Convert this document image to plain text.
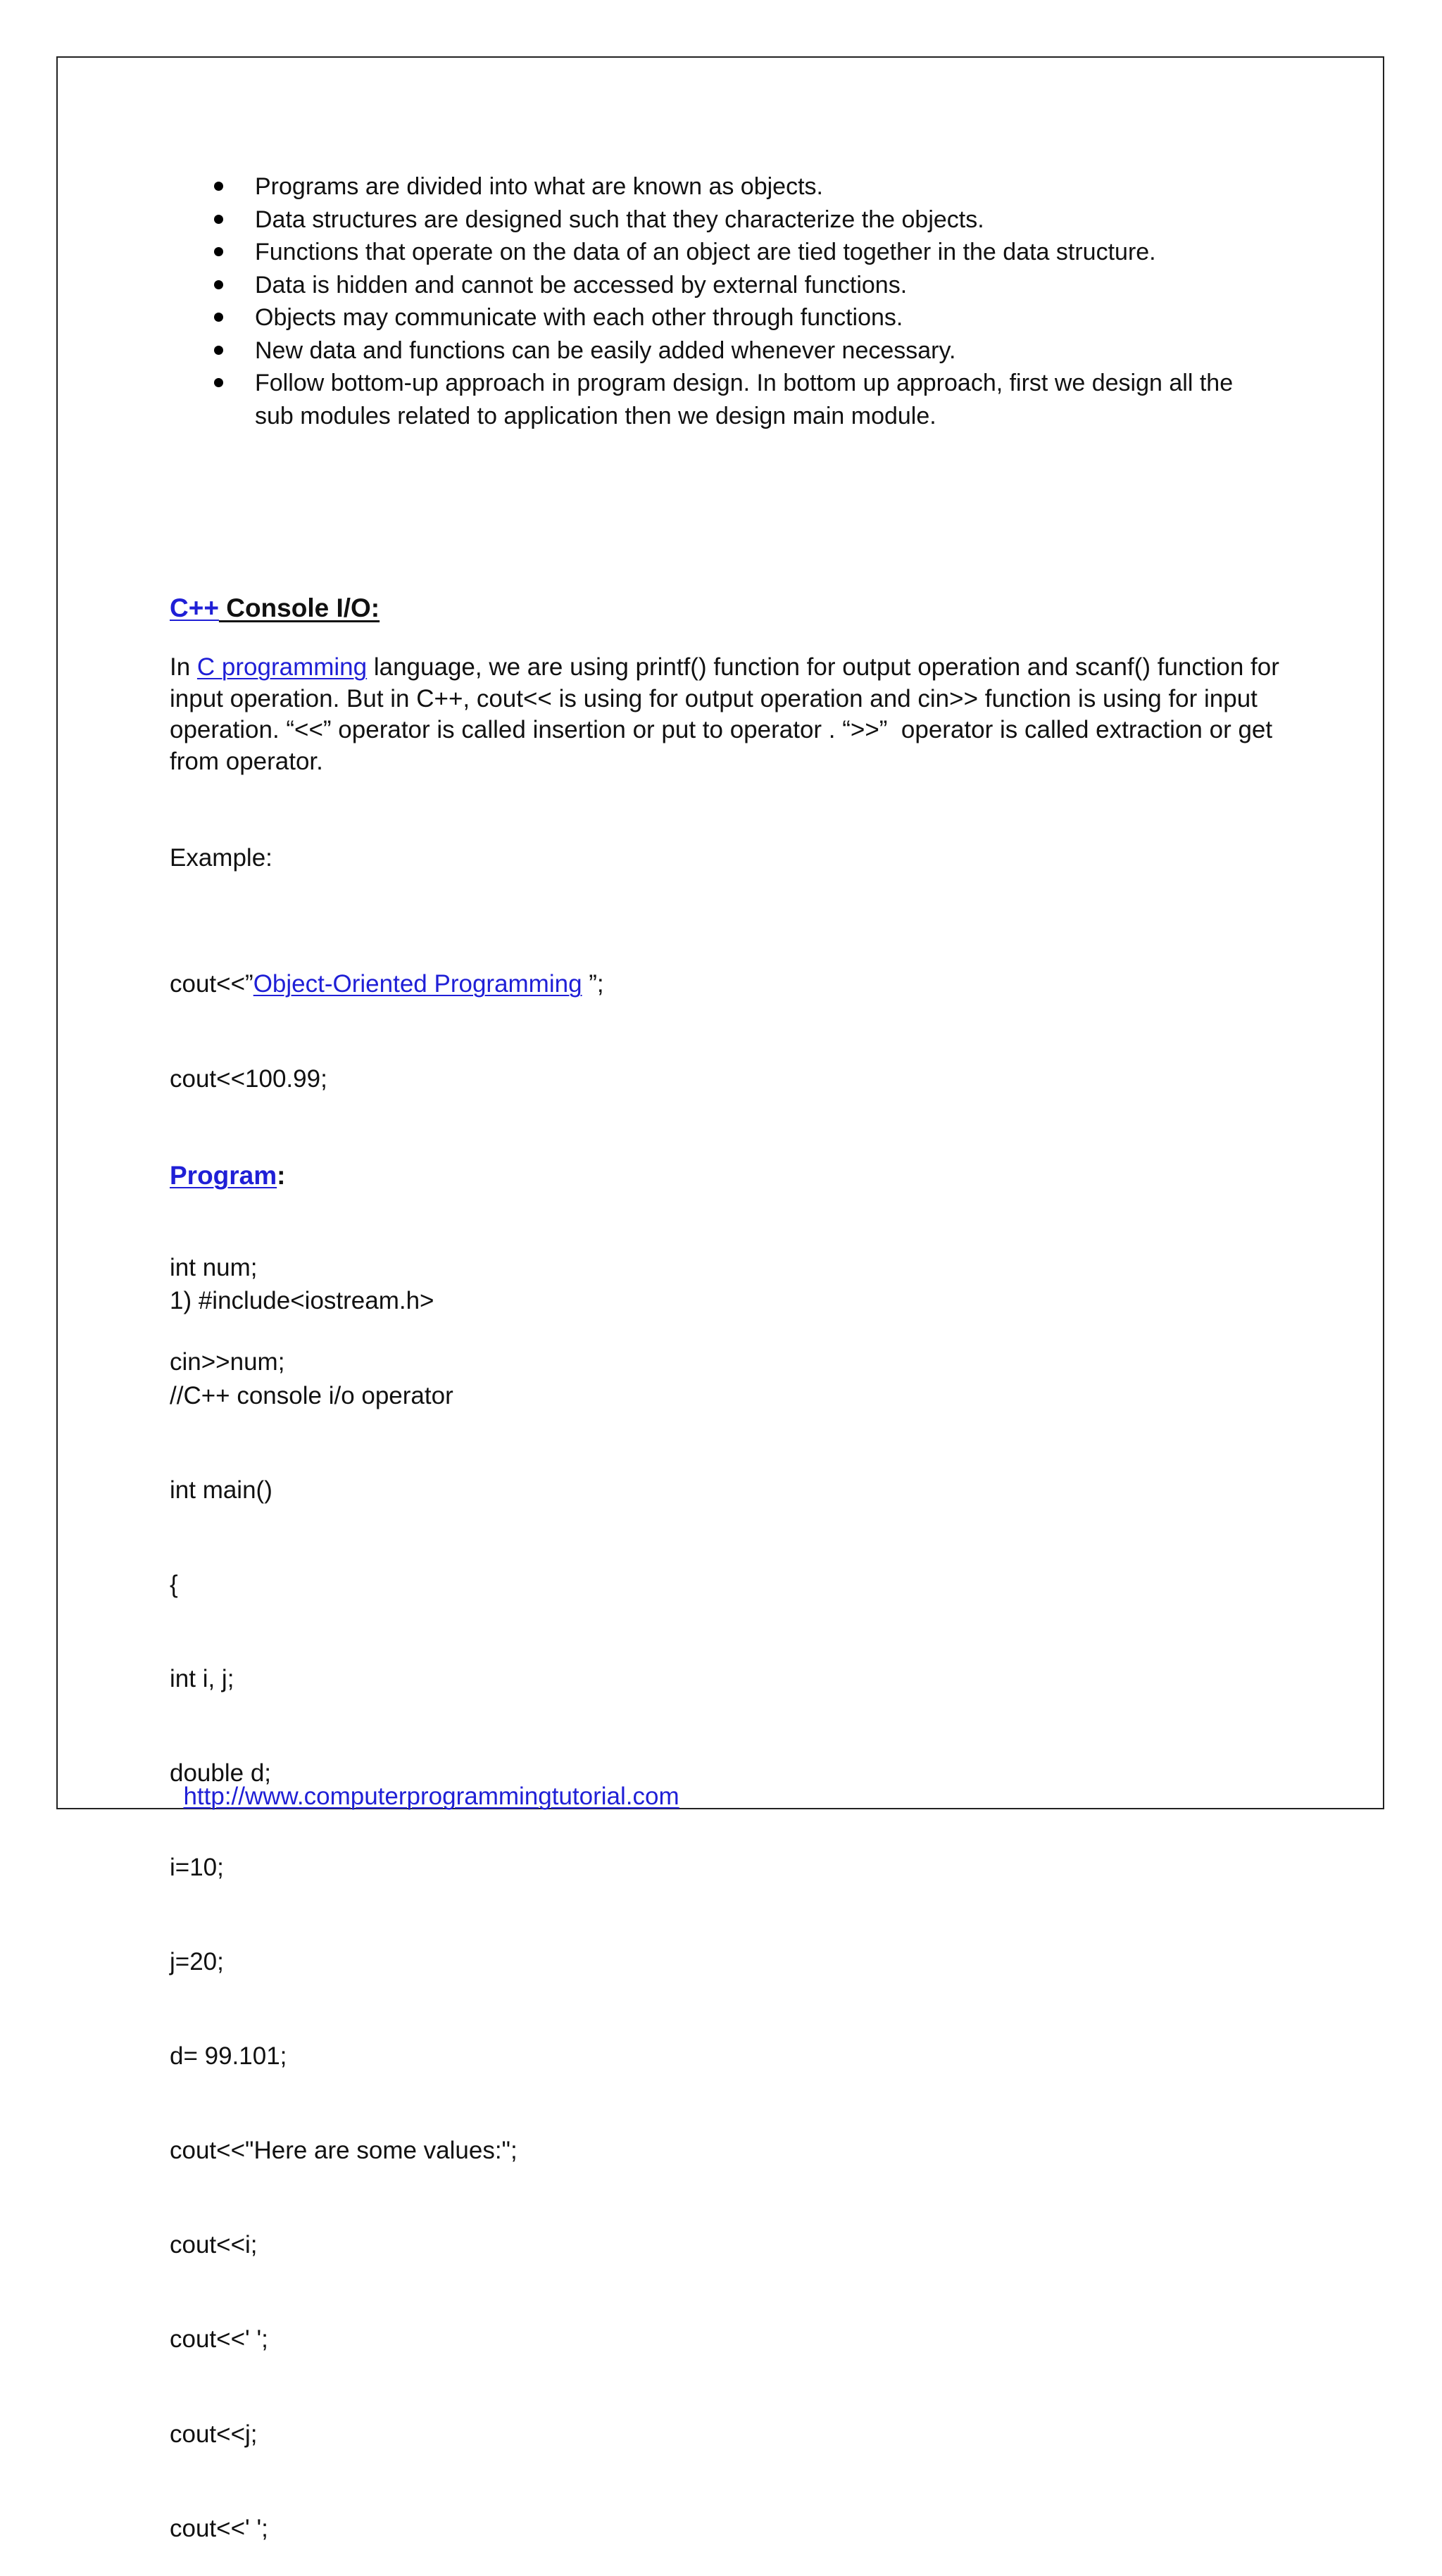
Programs are divided into what are known as objects.
Data structures are designed such that they characterize the objects.
Functions that operate on the data of an object are tied together in the data structure.
Data is hidden and cannot be accessed by external functions.
Objects may communicate with each other through functions.
New data and functions can be easily added whenever necessary.
Follow bottom-up approach in program design. In bottom up approach, first we design all the sub modules related to application then we design main module.
C++ Console I/O:

In C programming language, we are using printf() function for output operation and scanf() function for

input operation. But in C++, cout<< is using for output operation and cin>> function is using for input

operation. “<<” operator is called insertion or put to operator . “>>”  operator is called extraction or get

from operator.

Example:

cout<<”Object-Oriented Programming ”;

cout<<100.99;

int num;

cin>>num;

Program:

1) #include<iostream.h>

//C++ console i/o operator

int main()

{

int i, j;

double d;

i=10;

j=20;

d= 99.101;

cout<<"Here are some values:";

cout<<i;

cout<<' ';

cout<<j;

cout<<' ';

http://www.computerprogrammingtutorial.com
